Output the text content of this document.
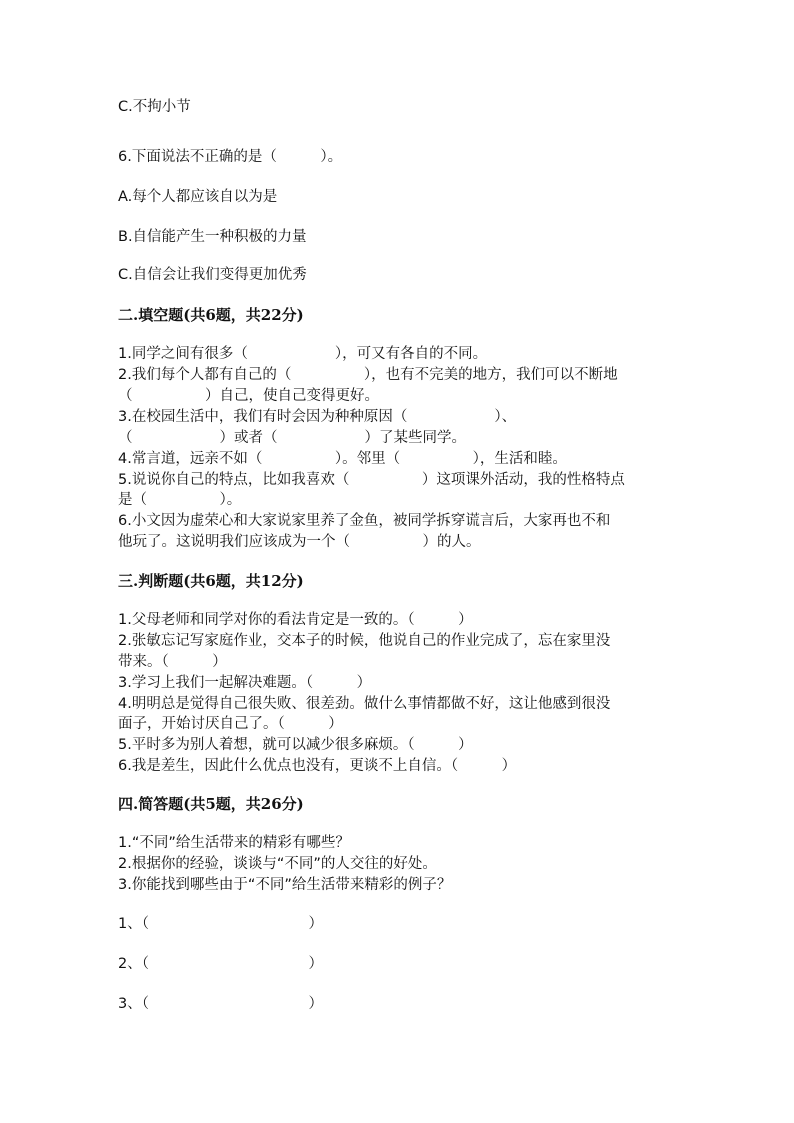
C.不拘小节
6.下面说法不正确的是（　　　）。
A.每个人都应该自以为是
B.自信能产生一种积极的力量
C.自信会让我们变得更加优秀
二.填空题(共6题，共22分)
1.同学之间有很多（　　　　　　），可又有各自的不同。
2.我们每个人都有自己的（　　　　　），也有不完美的地方，我们可以不断地
（　　　　　）自己，使自己变得更好。
3.在校园生活中，我们有时会因为种种原因（　　　　　　）、
（　　　　　　）或者（　　　　　　）了某些同学。
4.常言道，远亲不如（　　　　　）。邻里（　　　　　），生活和睦。
5.说说你自己的特点，比如我喜欢（　　　　　）这项课外活动，我的性格特点
是（　　　　　）。
6.小文因为虚荣心和大家说家里养了金鱼，被同学拆穿谎言后，大家再也不和
他玩了。这说明我们应该成为一个（　　　　　）的人。
三.判断题(共6题，共12分)
1.父母老师和同学对你的看法肯定是一致的。（　　　）
2.张敏忘记写家庭作业，交本子的时候，他说自己的作业完成了，忘在家里没
带来。（　　　）
3.学习上我们一起解决难题。（　　　）
4.明明总是觉得自己很失败、很差劲。做什么事情都做不好，这让他感到很没
面子，开始讨厌自己了。（　　　）
5.平时多为别人着想，就可以减少很多麻烦。（　　　）
6.我是差生，因此什么优点也没有，更谈不上自信。（　　　）
四.简答题(共5题，共26分)
1.“不同”给生活带来的精彩有哪些？
2.根据你的经验，谈谈与“不同”的人交往的好处。
3.你能找到哪些由于“不同”给生活带来精彩的例子？
1、（　　　　　　　　　　　）
2、（　　　　　　　　　　　）
3、（　　　　　　　　　　　）
